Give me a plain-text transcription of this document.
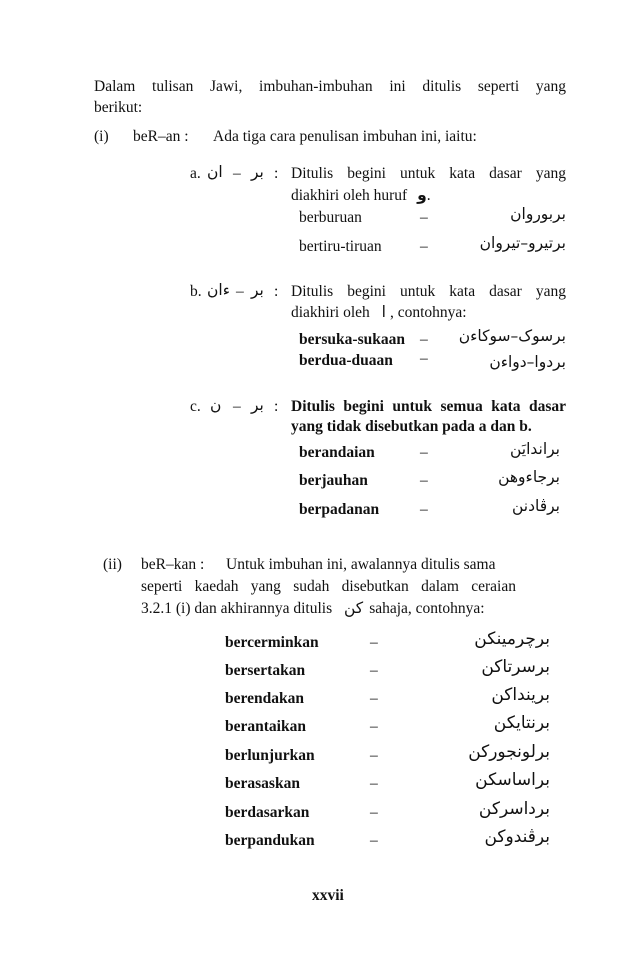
Dalam tulisan Jawi, imbuhan-imbuhan ini ditulis seperti yang
berikut:
(i) beR–an : Ada tiga cara penulisan imbuhan ini, iaitu:
a. ان – بر : Ditulis begini untuk kata dasar yang
diakhiri oleh huruf و.
berburuan	–	بربوروان
bertiru-tiruan –	برتيرو–تيروان
b. ءان – بر : Ditulis begini untuk kata dasar yang
diakhiri oleh ا , contohnya:
bersuka-sukaan –	برسوک–سوکاءن
berdua-duaan –	بردوا–دواءن
c. ن – بر : Ditulis begini untuk semua kata dasar
yang tidak disebutkan pada a dan b.
berandaian	–	براندايَن
berjauhan	–	برجاءوهن
berpadanan	–	برڤادنن
(ii) beR–kan : Untuk imbuhan ini, awalannya ditulis sama
seperti kaedah yang sudah disebutkan dalam ceraian
3.2.1 (i) dan akhirannya ditulis کن sahaja, contohnya:
bercerminkan	–	برچرمينکن
bersertakan	–	برسرتاکن
berendakan	–	بريندا‌کن
berantaikan	–	برنتايکن
berlunjurkan	–	برلونجورکن
berasaskan	–	براساسکن
berdasarkan	–	برداسرکن
berpandukan	–	برڤندوکن
xxvii
